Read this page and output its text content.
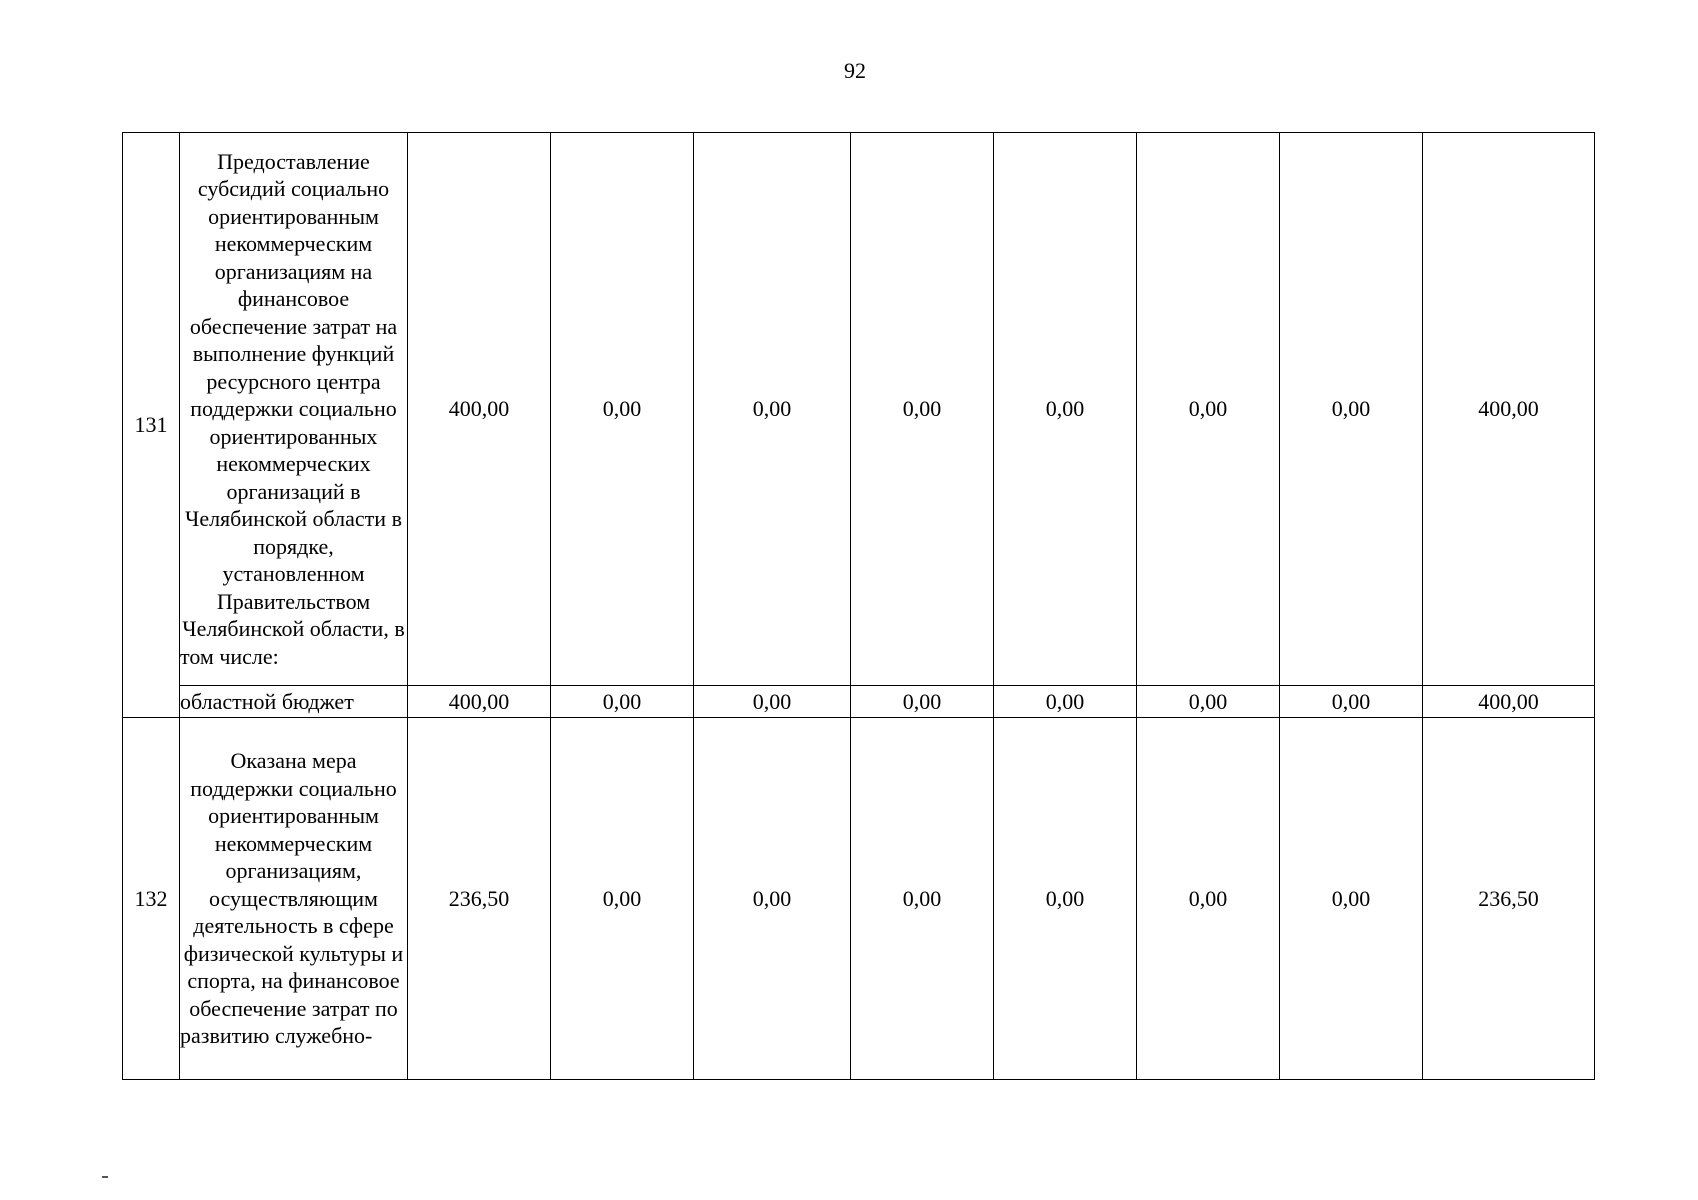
92
131	Предоставление субсидий социально ориентированным некоммерческим организациям на финансовое обеспечение затрат на выполнение функций ресурсного центра поддержки социально ориентированных некоммерческих организаций в Челябинской области в порядке, установленном Правительством Челябинской области, в том числе:	400,00	0,00	0,00	0,00	0,00	0,00	0,00	400,00
	областной бюджет	400,00	0,00	0,00	0,00	0,00	0,00	0,00	400,00
132	Оказана мера поддержки социально ориентированным некоммерческим организациям, осуществляющим деятельность в сфере физической культуры и спорта, на финансовое обеспечение затрат по развитию служебно-	236,50	0,00	0,00	0,00	0,00	0,00	0,00	236,50
